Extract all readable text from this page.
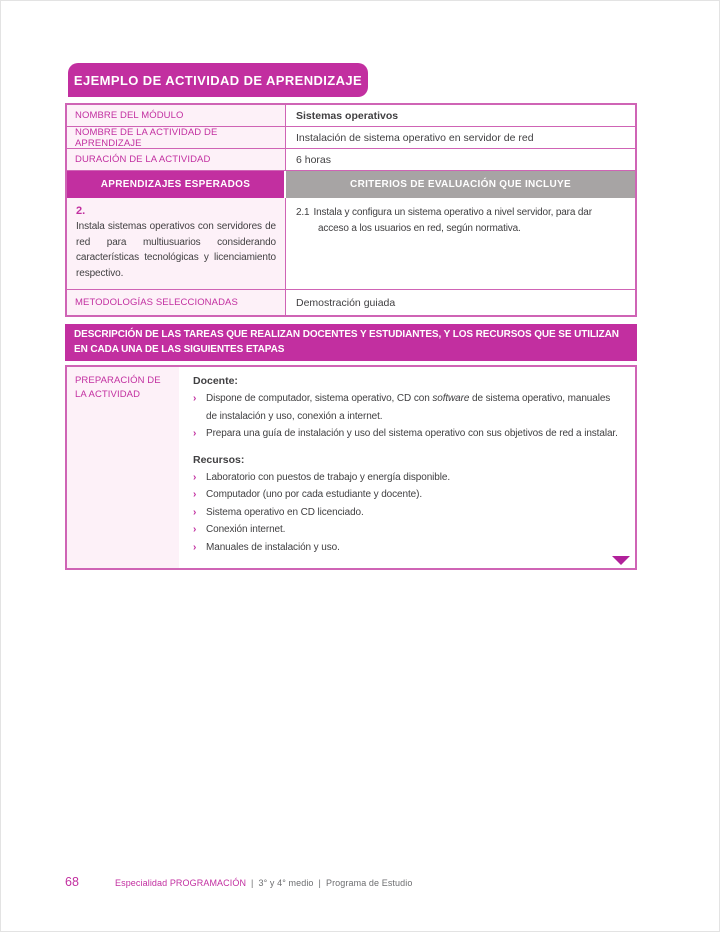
EJEMPLO DE ACTIVIDAD DE APRENDIZAJE
NOMBRE DEL MÓDULO	Sistemas operativos
NOMBRE DE LA ACTIVIDAD DE APRENDIZAJE	Instalación de sistema operativo en servidor de red
DURACIÓN DE LA ACTIVIDAD	6 horas
APRENDIZAJES ESPERADOS	CRITERIOS DE EVALUACIÓN QUE INCLUYE
2.
Instala sistemas operativos con servidores de red para multiusuarios considerando características tecnológicas y licenciamiento respectivo.

2.1 Instala y configura un sistema operativo a nivel servidor, para dar acceso a los usuarios en red, según normativa.

METODOLOGÍAS SELECCIONADAS	Demostración guiada
DESCRIPCIÓN DE LAS TAREAS QUE REALIZAN DOCENTES Y ESTUDIANTES, Y LOS RECURSOS QUE SE UTILIZAN EN CADA UNA DE LAS SIGUIENTES ETAPAS
PREPARACIÓN DE LA ACTIVIDAD

Docente:

› Dispone de computador, sistema operativo, CD con software de sistema operativo, manuales de instalación y uso, conexión a internet.
› Prepara una guía de instalación y uso del sistema operativo con sus objetivos de red a instalar.

Recursos:

› Laboratorio con puestos de trabajo y energía disponible.
› Computador (uno por cada estudiante y docente).
› Sistema operativo en CD licenciado.
› Conexión internet.
› Manuales de instalación y uso.
68	Especialidad PROGRAMACIÓN | 3° y 4° medio | Programa de Estudio
